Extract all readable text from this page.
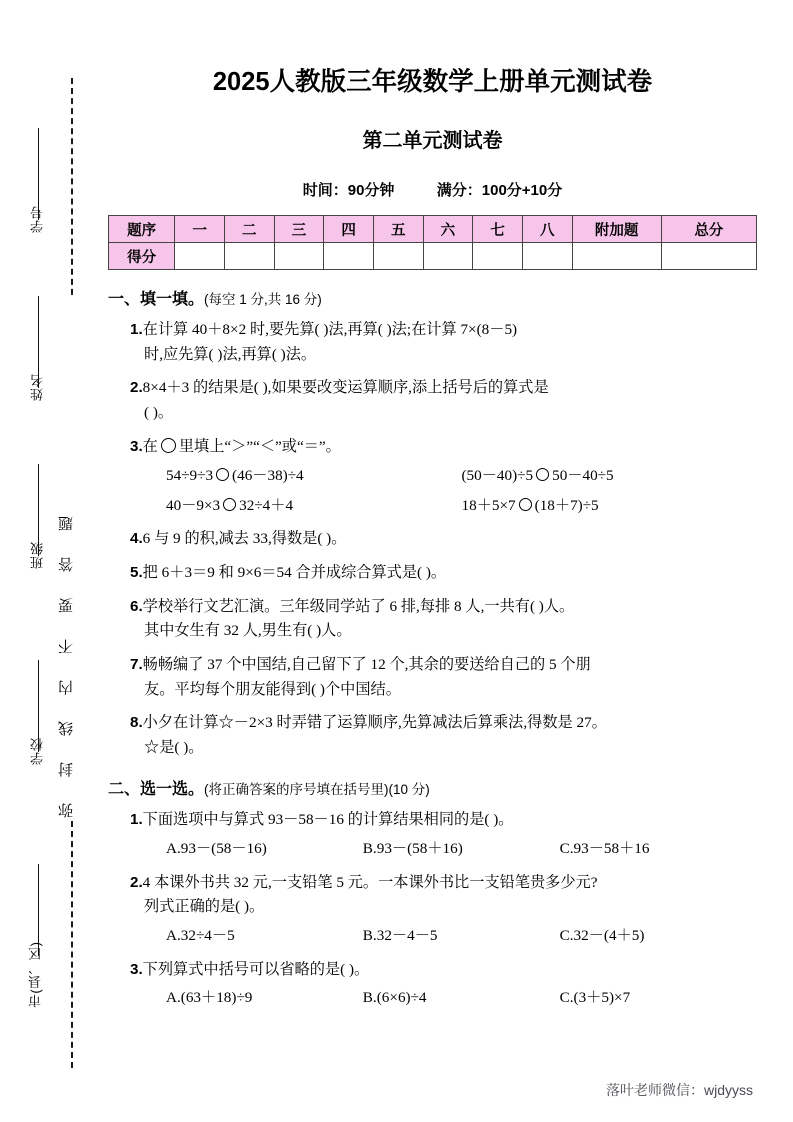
学号
姓名
班级
学校
市(县、区)
弥封线内不要答题
2025人教版三年级数学上册单元测试卷
第二单元测试卷
时间：90分钟	满分：100分+10分
题序	一	二	三	四	五	六	七	八	附加题	总分
得分										
一、填一填。(每空 1 分,共 16 分)
1.在计算 40＋8×2 时,要先算( )法,再算( )法;在计算 7×(8－5)
时,应先算( )法,再算( )法。
2.8×4＋3 的结果是( ),如果要改变运算顺序,添上括号后的算式是
( )。
3.在 里填上“＞”“＜”或“＝”。
54÷9÷3 (46－38)÷4	(50－40)÷5 50－40÷5
40－9×3 32÷4＋4	18＋5×7 (18＋7)÷5
4.6 与 9 的积,减去 33,得数是( )。
5.把 6＋3＝9 和 9×6＝54 合并成综合算式是( )。
6.学校举行文艺汇演。三年级同学站了 6 排,每排 8 人,一共有( )人。
其中女生有 32 人,男生有( )人。
7.畅畅编了 37 个中国结,自己留下了 12 个,其余的要送给自己的 5 个朋
友。平均每个朋友能得到( )个中国结。
8.小夕在计算☆－2×3 时弄错了运算顺序,先算减法后算乘法,得数是 27。
☆是( )。
二、选一选。(将正确答案的序号填在括号里)(10 分)
1.下面选项中与算式 93－58－16 的计算结果相同的是( )。
A.93－(58－16)	B.93－(58＋16)	C.93－58＋16
2.4 本课外书共 32 元,一支铅笔 5 元。一本课外书比一支铅笔贵多少元?
列式正确的是( )。
A.32÷4－5	B.32－4－5	C.32－(4＋5)
3.下列算式中括号可以省略的是( )。
A.(63＋18)÷9	B.(6×6)÷4	C.(3＋5)×7
落叶老师微信：wjdyyss
